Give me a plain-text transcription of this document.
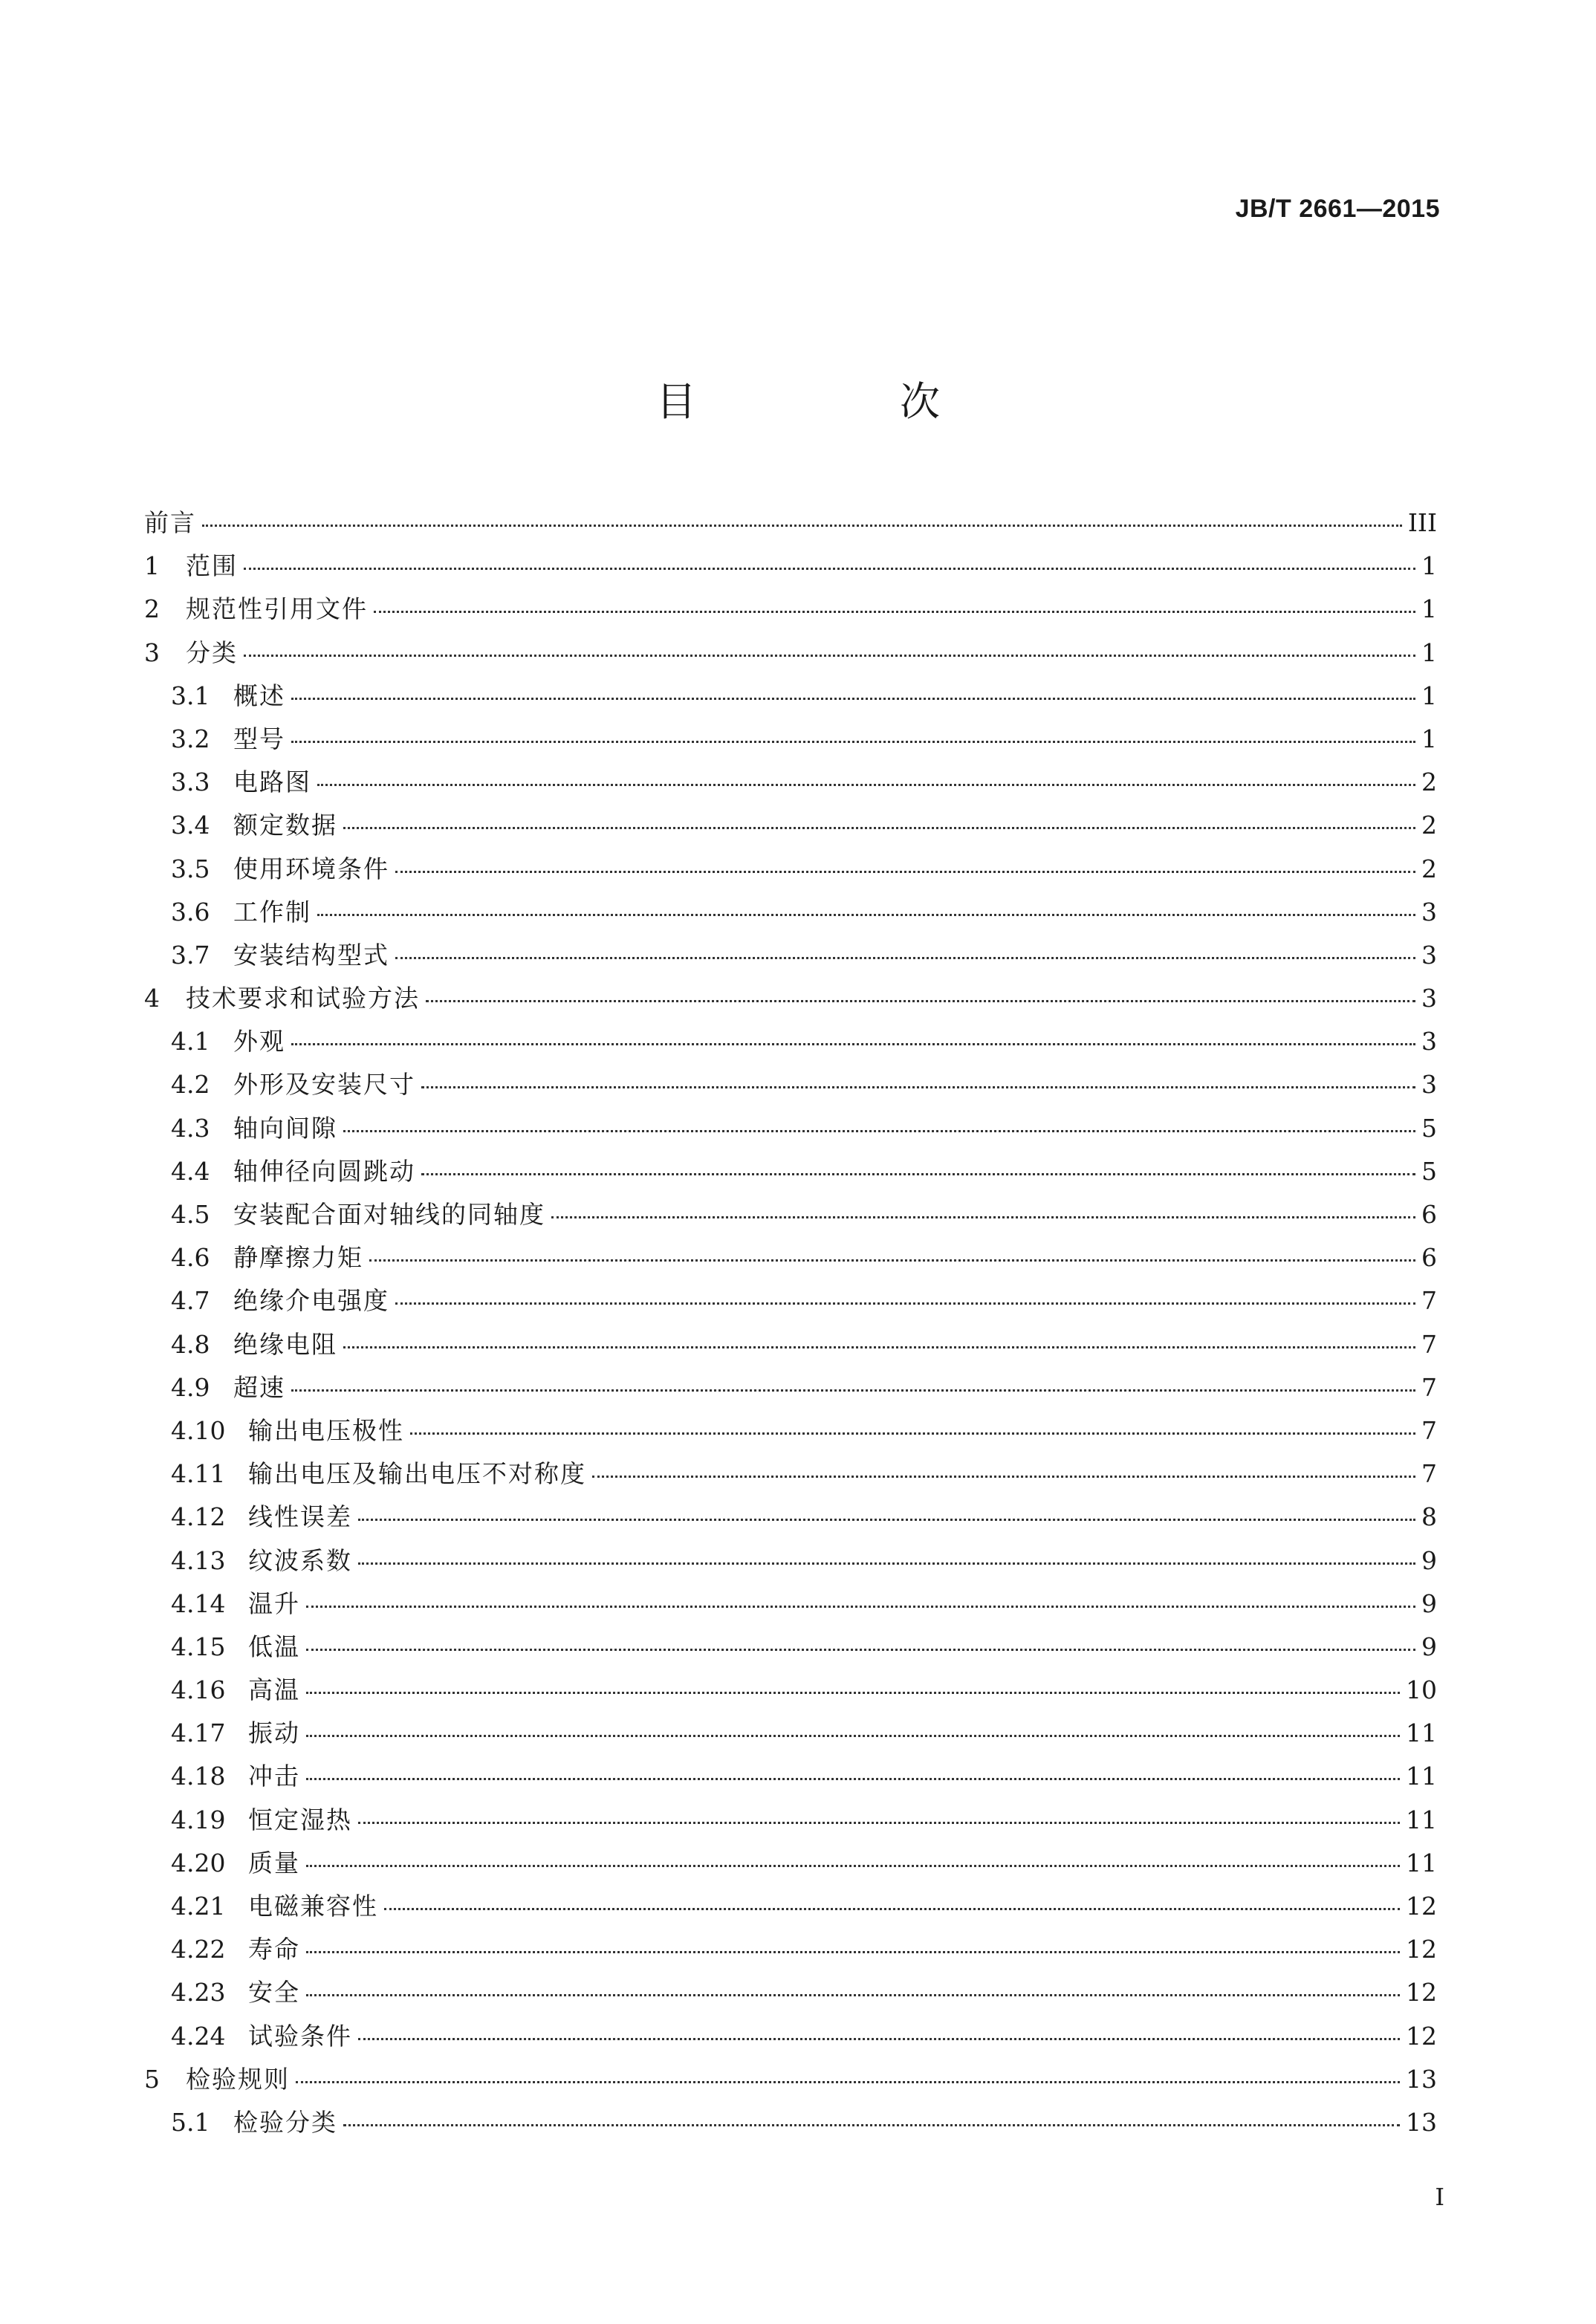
JB/T 2661—2015
目　次
前言	III
1	范围	1
2	规范性引用文件	1
3	分类	1
3.1 概述	1
3.2 型号	1
3.3 电路图	2
3.4 额定数据	2
3.5 使用环境条件	2
3.6 工作制	3
3.7 安装结构型式	3
4	技术要求和试验方法	3
4.1 外观	3
4.2 外形及安装尺寸	3
4.3 轴向间隙	5
4.4 轴伸径向圆跳动	5
4.5 安装配合面对轴线的同轴度	6
4.6 静摩擦力矩	6
4.7 绝缘介电强度	7
4.8 绝缘电阻	7
4.9 超速	7
4.10 输出电压极性	7
4.11 输出电压及输出电压不对称度	7
4.12 线性误差	8
4.13 纹波系数	9
4.14 温升	9
4.15 低温	9
4.16 高温	10
4.17 振动	11
4.18 冲击	11
4.19 恒定湿热	11
4.20 质量	11
4.21 电磁兼容性	12
4.22 寿命	12
4.23 安全	12
4.24 试验条件	12
5	检验规则	13
5.1 检验分类	13
I
